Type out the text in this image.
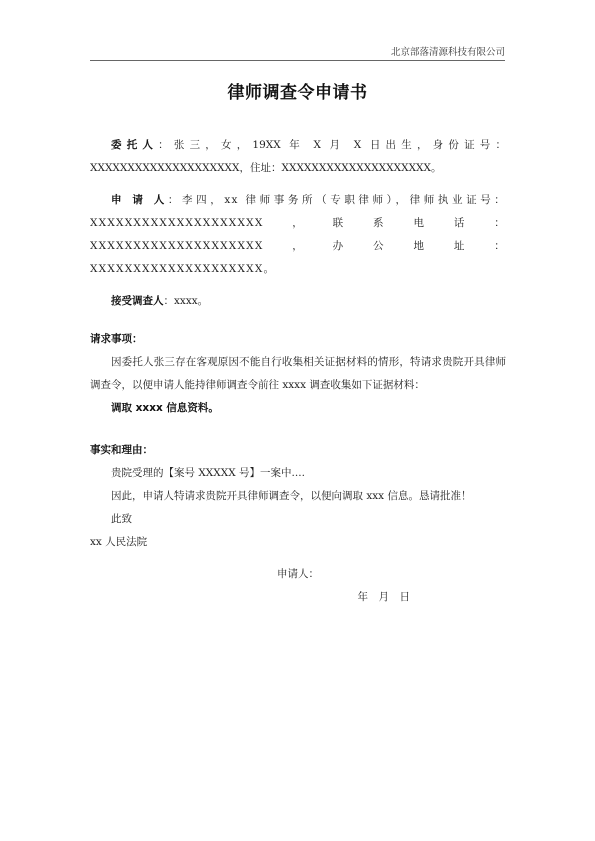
北京部落清源科技有限公司
律师调查令申请书

委托人：张三，女，19XX 年 X 月 X 日出生，身份证号：XXXXXXXXXXXXXXXXXXXX，住址：XXXXXXXXXXXXXXXXXXXX。

申 请 人：李四，xx 律师事务所（专职律师），律师执业证号：XXXXXXXXXXXXXXXXXXXX，联系电话：XXXXXXXXXXXXXXXXXXXX，办公地址：XXXXXXXXXXXXXXXXXXXX。

接受调查人：xxxx。

请求事项：

因委托人张三存在客观原因不能自行收集相关证据材料的情形，特请求贵院开具律师调查令，以便申请人能持律师调查令前往 xxxx 调查收集如下证据材料：

调取 xxxx 信息资料。

事实和理由：

贵院受理的【案号 XXXXX 号】一案中....

因此，申请人特请求贵院开具律师调查令，以便向调取 xxx 信息。恳请批准！

此致

xx 人民法院

申请人：

年　月　日
